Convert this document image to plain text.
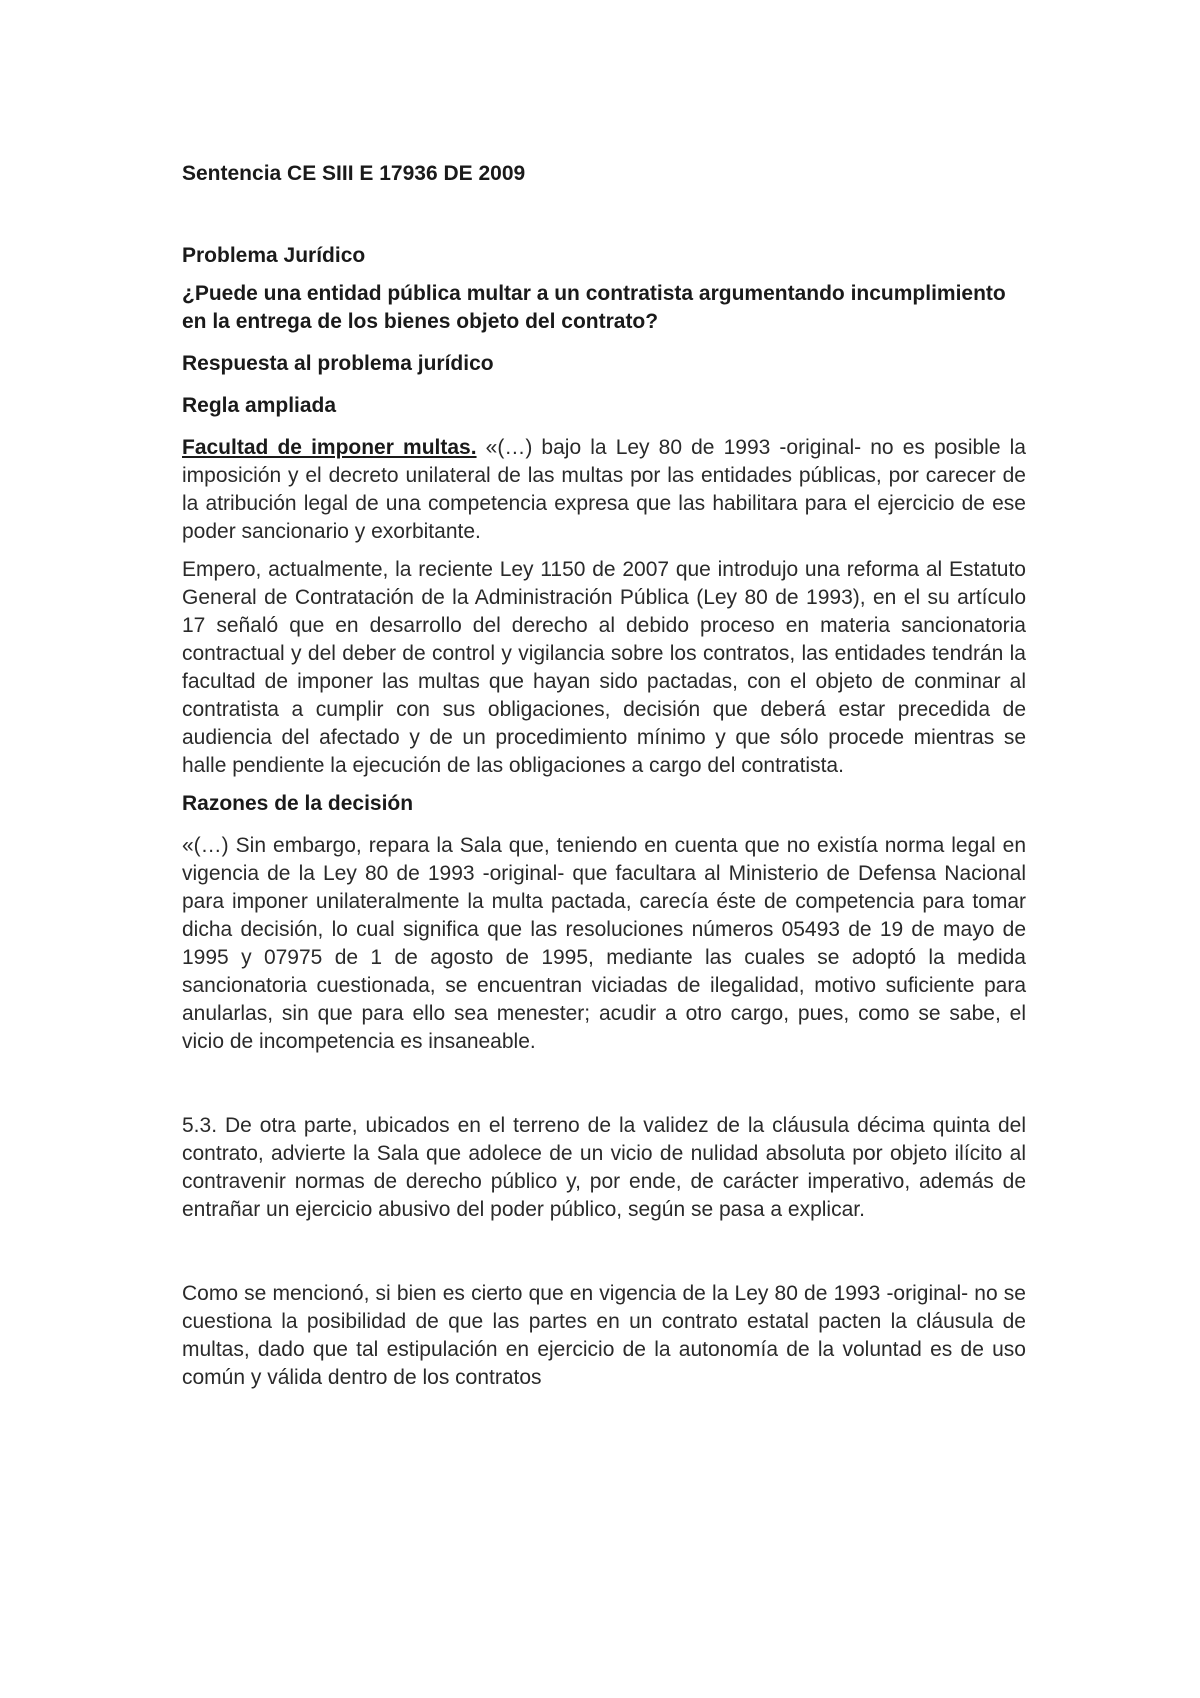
Sentencia CE SIII E 17936 DE 2009
Problema Jurídico

¿Puede una entidad pública multar a un contratista argumentando incumplimiento en la entrega de los bienes objeto del contrato?

Respuesta al problema jurídico
Regla ampliada

Facultad de imponer multas. «(…) bajo la Ley 80 de 1993 -original- no es posible la imposición y el decreto unilateral de las multas por las entidades públicas, por carecer de la atribución legal de una competencia expresa que las habilitara para el ejercicio de ese poder sancionario y exorbitante.

Empero, actualmente, la reciente Ley 1150 de 2007 que introdujo una reforma al Estatuto General de Contratación de la Administración Pública (Ley 80 de 1993), en el su artículo 17 señaló que en desarrollo del derecho al debido proceso en materia sancionatoria contractual y del deber de control y vigilancia sobre los contratos, las entidades tendrán la facultad de imponer las multas que hayan sido pactadas, con el objeto de conminar al contratista a cumplir con sus obligaciones, decisión que deberá estar precedida de audiencia del afectado y de un procedimiento mínimo y que sólo procede mientras se halle pendiente la ejecución de las obligaciones a cargo del contratista.

Razones de la decisión

«(…) Sin embargo, repara la Sala que, teniendo en cuenta que no existía norma legal en vigencia de la Ley 80 de 1993 -original- que facultara al Ministerio de Defensa Nacional para imponer unilateralmente la multa pactada, carecía éste de competencia para tomar dicha decisión, lo cual significa que las resoluciones números 05493 de 19 de mayo de 1995 y 07975 de 1 de agosto de 1995, mediante las cuales se adoptó la medida sancionatoria cuestionada, se encuentran viciadas de ilegalidad, motivo suficiente para anularlas, sin que para ello sea menester; acudir a otro cargo, pues, como se sabe, el vicio de incompetencia es insaneable.

5.3. De otra parte, ubicados en el terreno de la validez de la cláusula décima quinta del contrato, advierte la Sala que adolece de un vicio de nulidad absoluta por objeto ilícito al contravenir normas de derecho público y, por ende, de carácter imperativo, además de entrañar un ejercicio abusivo del poder público, según se pasa a explicar.

Como se mencionó, si bien es cierto que en vigencia de la Ley 80 de 1993 -original- no se cuestiona la posibilidad de que las partes en un contrato estatal pacten la cláusula de multas, dado que tal estipulación en ejercicio de la autonomía de la voluntad es de uso común y válida dentro de los contratos
